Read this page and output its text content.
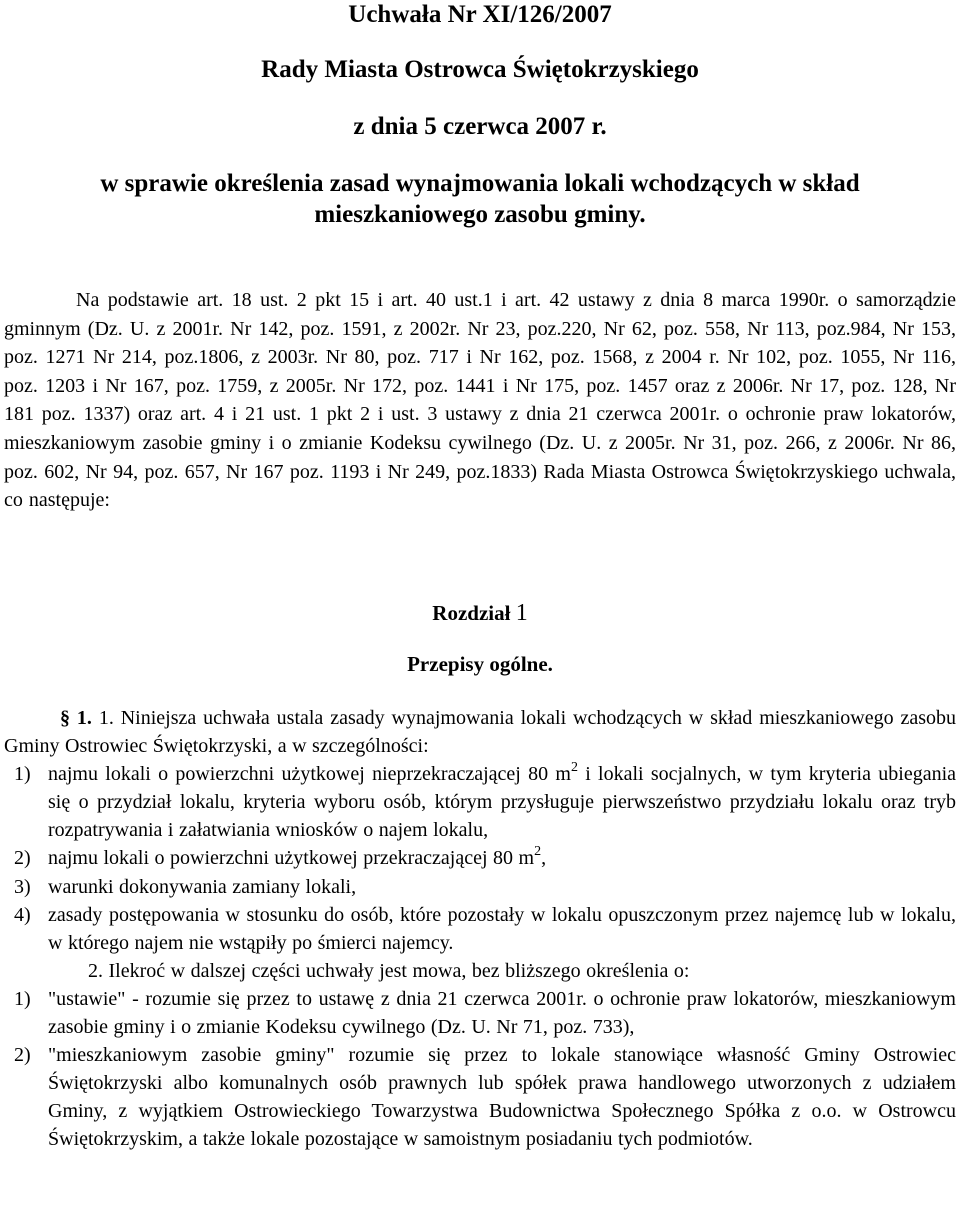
Uchwała Nr XI/126/2007
Rady Miasta Ostrowca Świętokrzyskiego
z dnia 5 czerwca 2007 r.
w sprawie określenia zasad wynajmowania lokali wchodzących w skład
mieszkaniowego zasobu gminy.
Na podstawie art. 18 ust. 2 pkt 15 i art. 40 ust.1 i art. 42 ustawy z dnia 8 marca 1990r. o samorządzie gminnym (Dz. U. z 2001r. Nr 142, poz. 1591, z 2002r. Nr 23, poz.220, Nr 62, poz. 558, Nr 113, poz.984, Nr 153, poz. 1271 Nr 214, poz.1806, z 2003r. Nr 80, poz. 717 i Nr 162, poz. 1568, z 2004 r. Nr 102, poz. 1055, Nr 116, poz. 1203 i Nr 167, poz. 1759, z 2005r. Nr 172, poz. 1441 i Nr 175, poz. 1457 oraz z 2006r. Nr 17, poz. 128, Nr 181 poz. 1337) oraz art. 4 i 21 ust. 1 pkt 2 i ust. 3 ustawy z dnia 21 czerwca 2001r. o ochronie praw lokatorów, mieszkaniowym zasobie gminy i o zmianie Kodeksu cywilnego (Dz. U. z 2005r. Nr 31, poz. 266, z 2006r. Nr 86, poz. 602, Nr 94, poz. 657, Nr 167 poz. 1193 i Nr 249, poz.1833) Rada Miasta Ostrowca Świętokrzyskiego uchwala, co następuje:
Rozdział 1
Przepisy ogólne.
§ 1. 1. Niniejsza uchwała ustala zasady wynajmowania lokali wchodzących w skład mieszkaniowego zasobu Gminy Ostrowiec Świętokrzyski, a w szczególności:
1) najmu lokali o powierzchni użytkowej nieprzekraczającej 80 $m^2$ i lokali socjalnych, w tym kryteria ubiegania się o przydział lokalu, kryteria wyboru osób, którym przysługuje pierwszeństwo przydziału lokalu oraz tryb rozpatrywania i załatwiania wniosków o najem lokalu,
2) najmu lokali o powierzchni użytkowej przekraczającej 80 $m^2$,
3) warunki dokonywania zamiany lokali,
4) zasady postępowania w stosunku do osób, które pozostały w lokalu opuszczonym przez najemcę lub w lokalu, w którego najem nie wstąpiły po śmierci najemcy.
2. Ilekroć w dalszej części uchwały jest mowa, bez bliższego określenia o:
1) "ustawie" - rozumie się przez to ustawę z dnia 21 czerwca 2001r. o ochronie praw lokatorów, mieszkaniowym zasobie gminy i o zmianie Kodeksu cywilnego (Dz. U. Nr 71, poz. 733),
2) "mieszkaniowym zasobie gminy" rozumie się przez to lokale stanowiące własność Gminy Ostrowiec Świętokrzyski albo komunalnych osób prawnych lub spółek prawa handlowego utworzonych z udziałem Gminy, z wyjątkiem Ostrowieckiego Towarzystwa Budownictwa Społecznego Spółka z o.o. w Ostrowcu Świętokrzyskim, a także lokale pozostające w samoistnym posiadaniu tych podmiotów.
